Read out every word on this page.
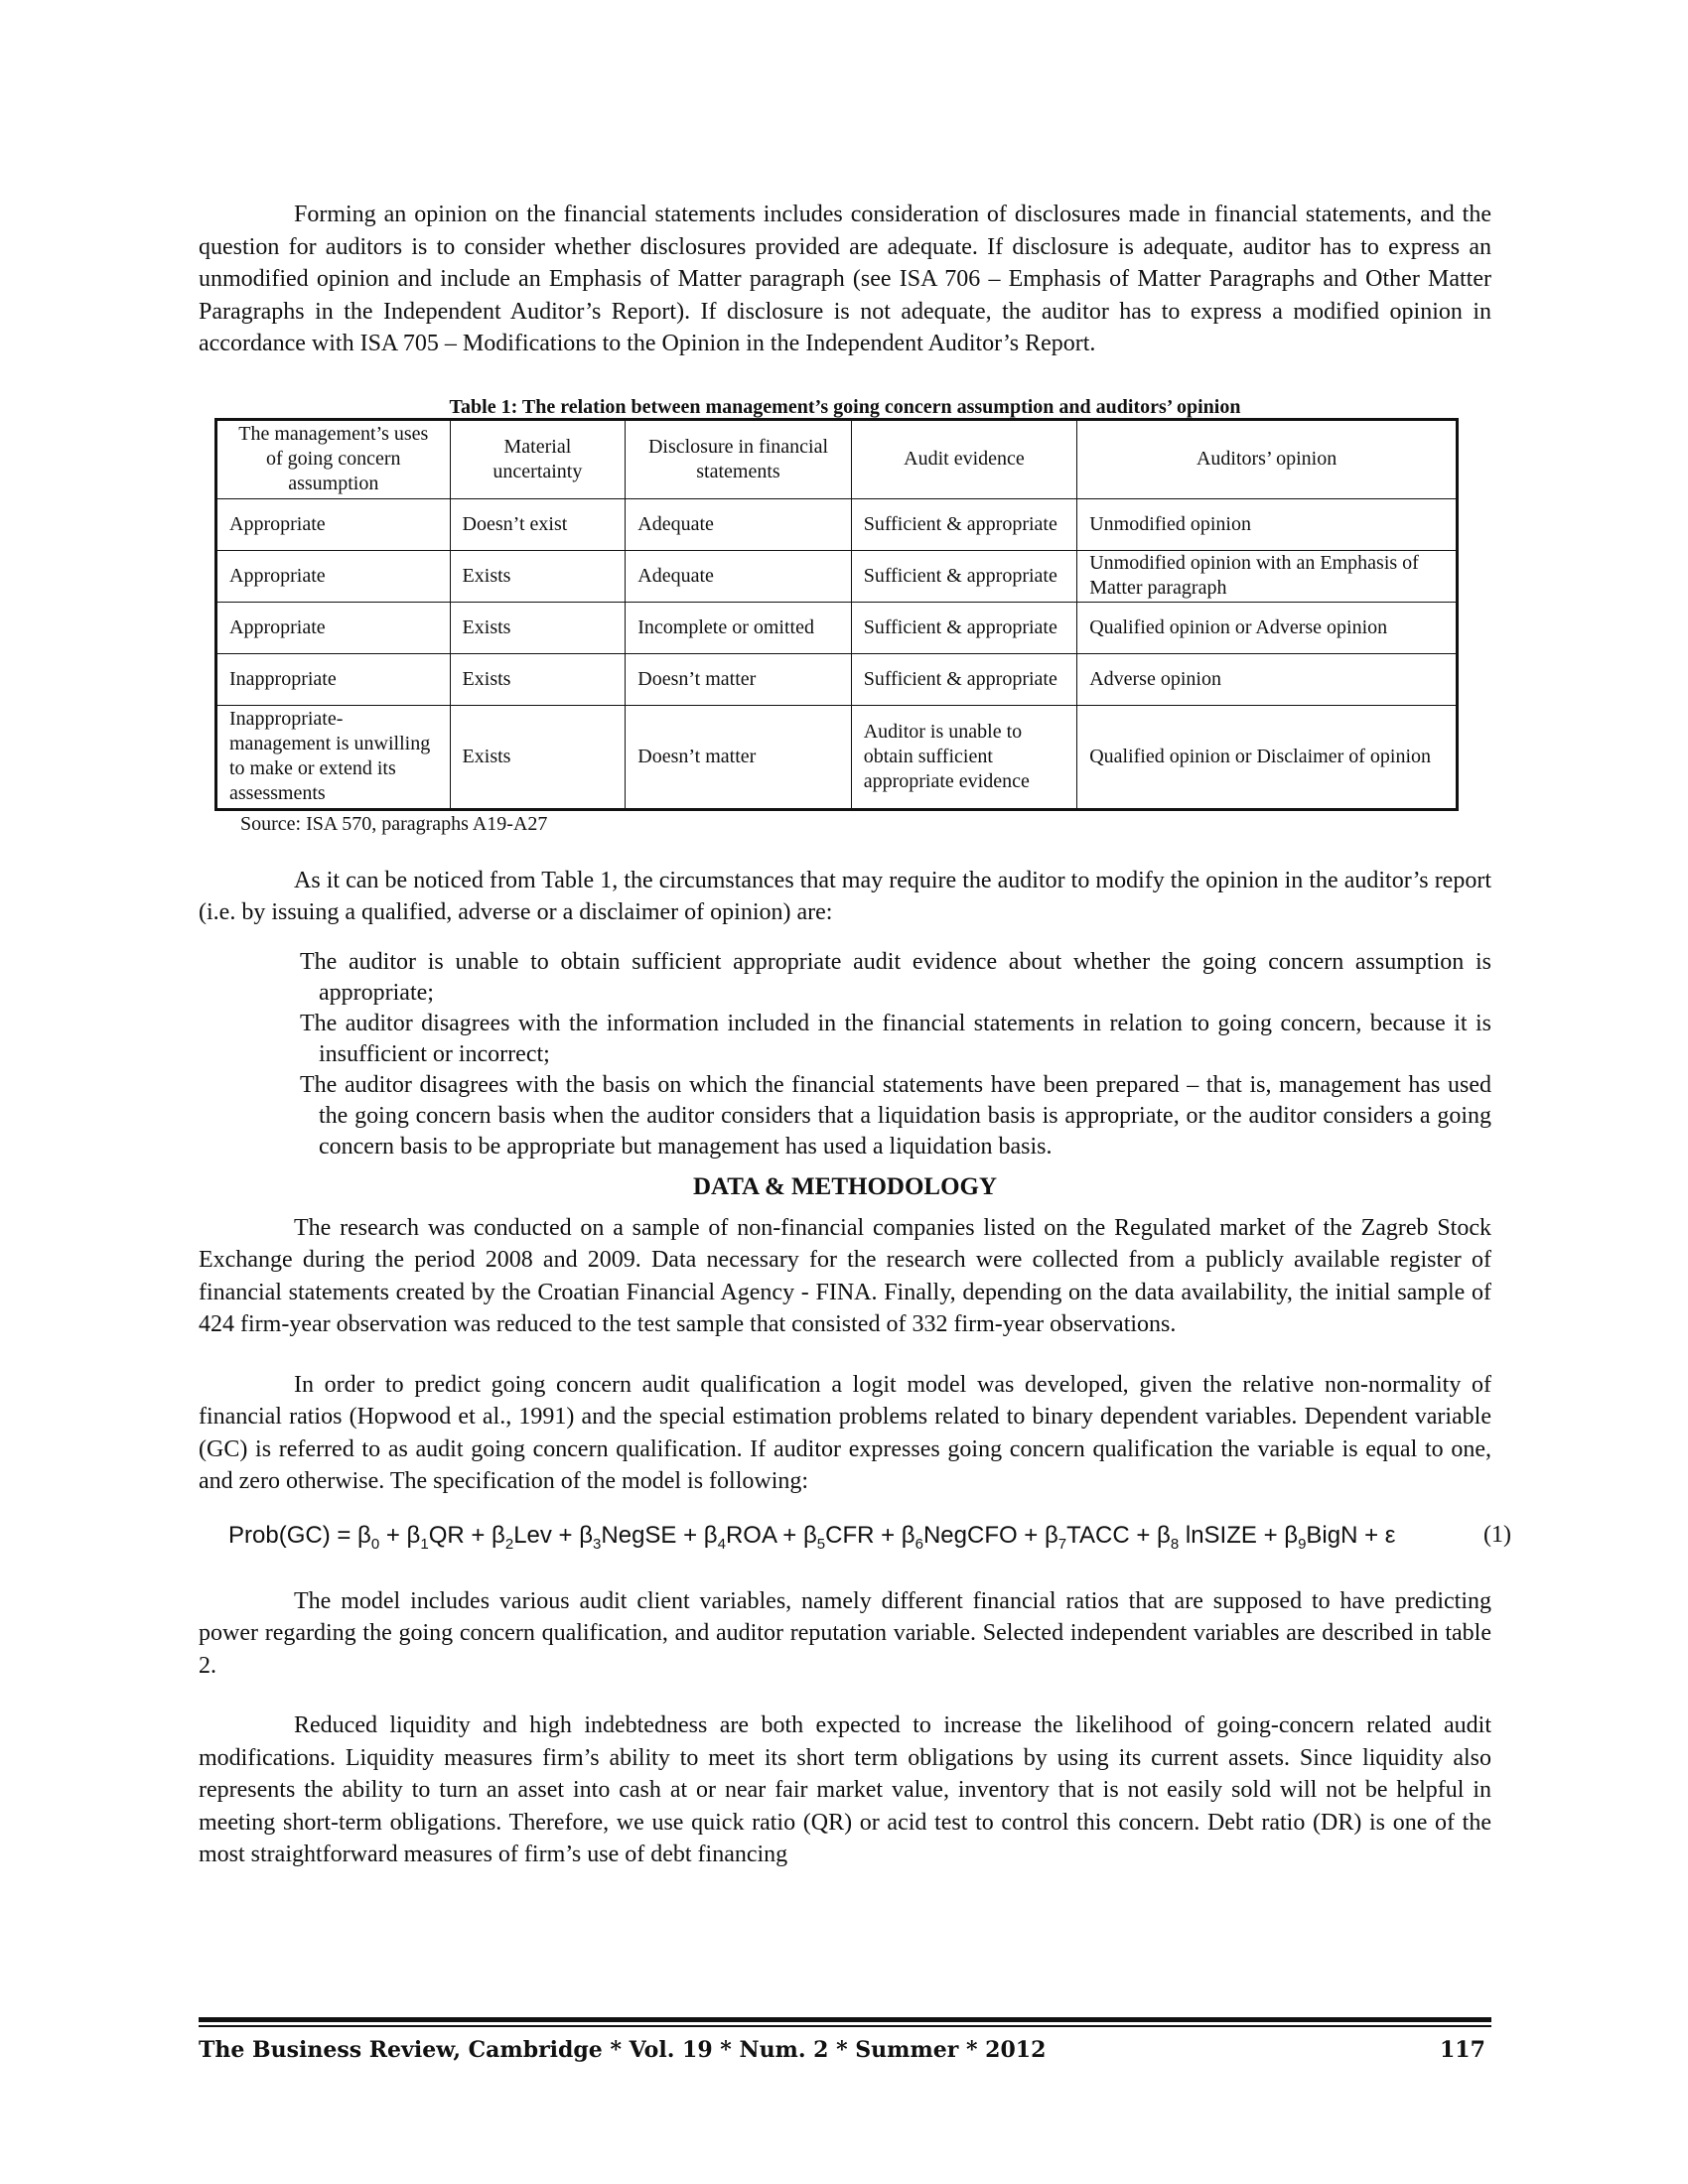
Forming an opinion on the financial statements includes consideration of disclosures made in financial statements, and the question for auditors is to consider whether disclosures provided are adequate. If disclosure is adequate, auditor has to express an unmodified opinion and include an Emphasis of Matter paragraph (see ISA 706 – Emphasis of Matter Paragraphs and Other Matter Paragraphs in the Independent Auditor’s Report). If disclosure is not adequate, the auditor has to express a modified opinion in accordance with ISA 705 – Modifications to the Opinion in the Independent Auditor’s Report.

Table 1: The relation between management’s going concern assumption and auditors’ opinion
The management’s uses of going concern assumption	Material uncertainty	Disclosure in financial statements	Audit evidence	Auditors’ opinion
Appropriate	Doesn’t exist	Adequate	Sufficient & appropriate	Unmodified opinion
Appropriate	Exists	Adequate	Sufficient & appropriate	Unmodified opinion with an Emphasis of Matter paragraph
Appropriate	Exists	Incomplete or omitted	Sufficient & appropriate	Qualified opinion or Adverse opinion
Inappropriate	Exists	Doesn’t matter	Sufficient & appropriate	Adverse opinion
Inappropriate- management is unwilling to make or extend its assessments	Exists	Doesn’t matter	Auditor is unable to obtain sufficient appropriate evidence	Qualified opinion or Disclaimer of opinion
Source: ISA 570, paragraphs A19-A27

As it can be noticed from Table 1, the circumstances that may require the auditor to modify the opinion in the auditor’s report (i.e. by issuing a qualified, adverse or a disclaimer of opinion) are:

The auditor is unable to obtain sufficient appropriate audit evidence about whether the going concern assumption is appropriate;
The auditor disagrees with the information included in the financial statements in relation to going concern, because it is insufficient or incorrect;
The auditor disagrees with the basis on which the financial statements have been prepared – that is, management has used the going concern basis when the auditor considers that a liquidation basis is appropriate, or the auditor considers a going concern basis to be appropriate but management has used a liquidation basis.
DATA & METHODOLOGY

The research was conducted on a sample of non-financial companies listed on the Regulated market of the Zagreb Stock Exchange during the period 2008 and 2009. Data necessary for the research were collected from a publicly available register of financial statements created by the Croatian Financial Agency - FINA. Finally, depending on the data availability, the initial sample of 424 firm-year observation was reduced to the test sample that consisted of 332 firm-year observations.

In order to predict going concern audit qualification a logit model was developed, given the relative non-normality of financial ratios (Hopwood et al., 1991) and the special estimation problems related to binary dependent variables. Dependent variable (GC) is referred to as audit going concern qualification. If auditor expresses going concern qualification the variable is equal to one, and zero otherwise. The specification of the model is following:

Prob(GC) = $\beta_0 + \beta_1QR + \beta_2Lev$ + $\beta_3NegSE + \beta_4ROA + \beta_5CFR$ + $\beta_6NegCFO$ + $\beta_7TACC + \beta_8$ lnSIZE + $\beta_9BigN + \varepsilon$	(1)

The model includes various audit client variables, namely different financial ratios that are supposed to have predicting power regarding the going concern qualification, and auditor reputation variable. Selected independent variables are described in table 2.

Reduced liquidity and high indebtedness are both expected to increase the likelihood of going-concern related audit modifications. Liquidity measures firm’s ability to meet its short term obligations by using its current assets. Since liquidity also represents the ability to turn an asset into cash at or near fair market value, inventory that is not easily sold will not be helpful in meeting short-term obligations. Therefore, we use quick ratio (QR) or acid test to control this concern. Debt ratio (DR) is one of the most straightforward measures of firm’s use of debt financing

The Business Review, Cambridge * Vol. 19 * Num. 2 * Summer * 2012	117
